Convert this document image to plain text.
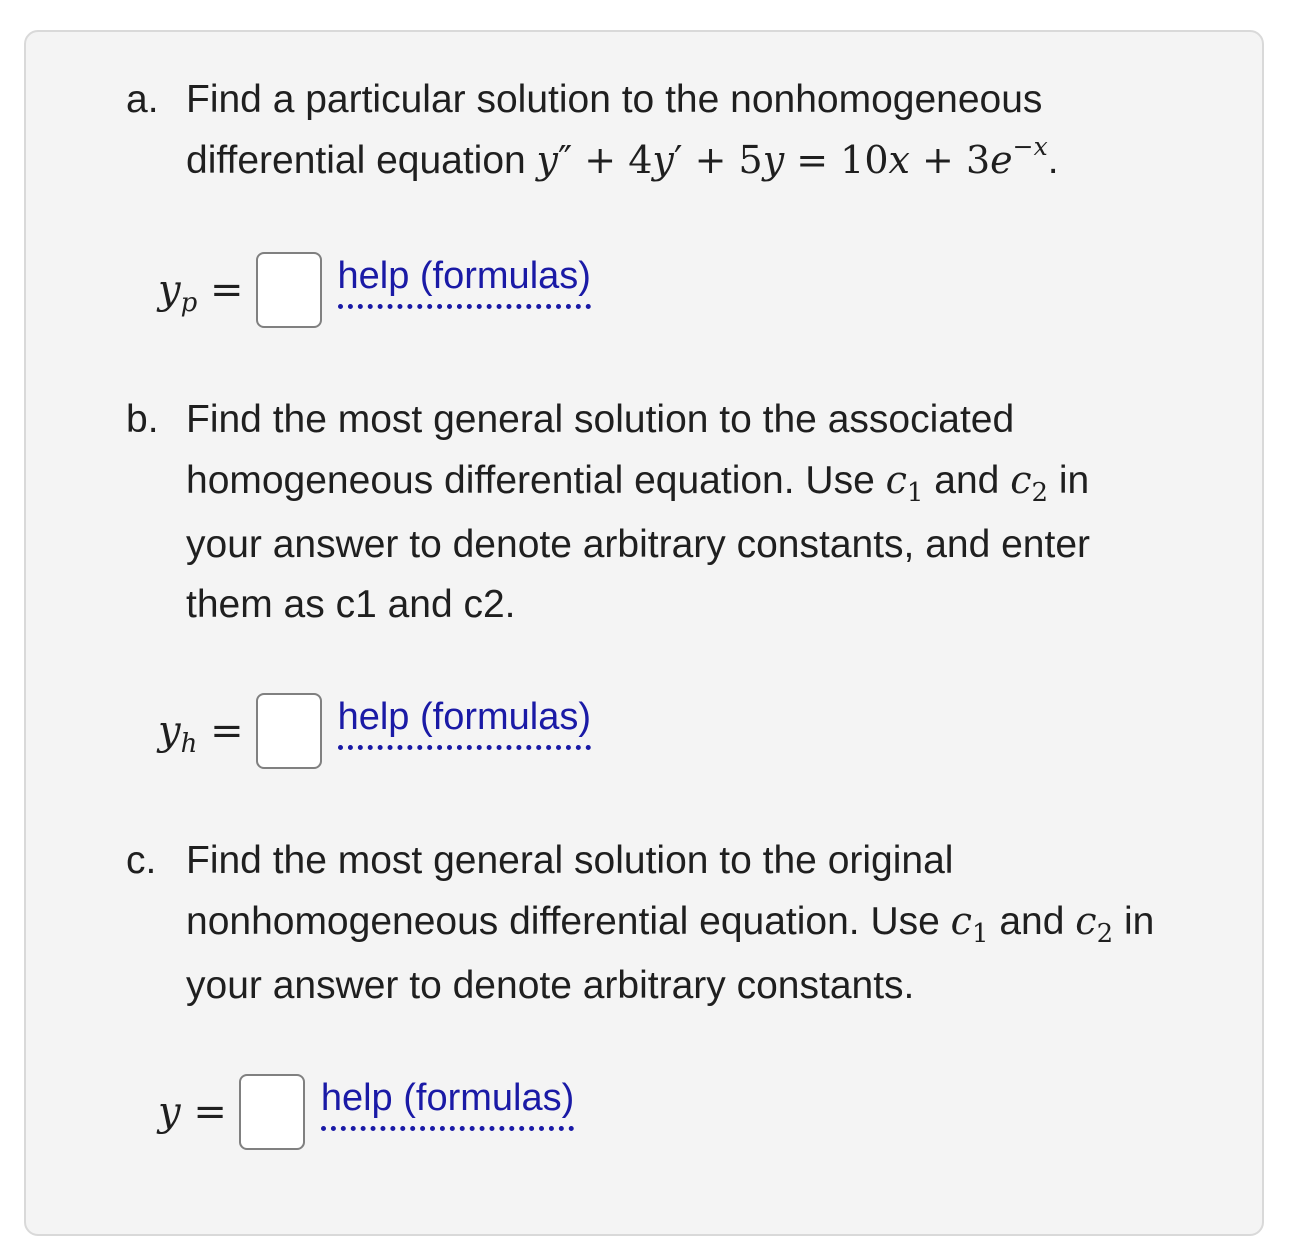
a. Find a particular solution to the nonhomogeneous
differential equation $y'' + 4y' + 5y = 10x + 3e^{-x}$.
$y_p$ = help (formulas)
b. Find the most general solution to the associated
homogeneous differential equation. Use $c_1$ and $c_2$ in
your answer to denote arbitrary constants, and enter
them as c1 and c2.
$y_h$ = help (formulas)
c. Find the most general solution to the original
nonhomogeneous differential equation. Use $c_1$ and $c_2$ in
your answer to denote arbitrary constants.
y = help (formulas)
